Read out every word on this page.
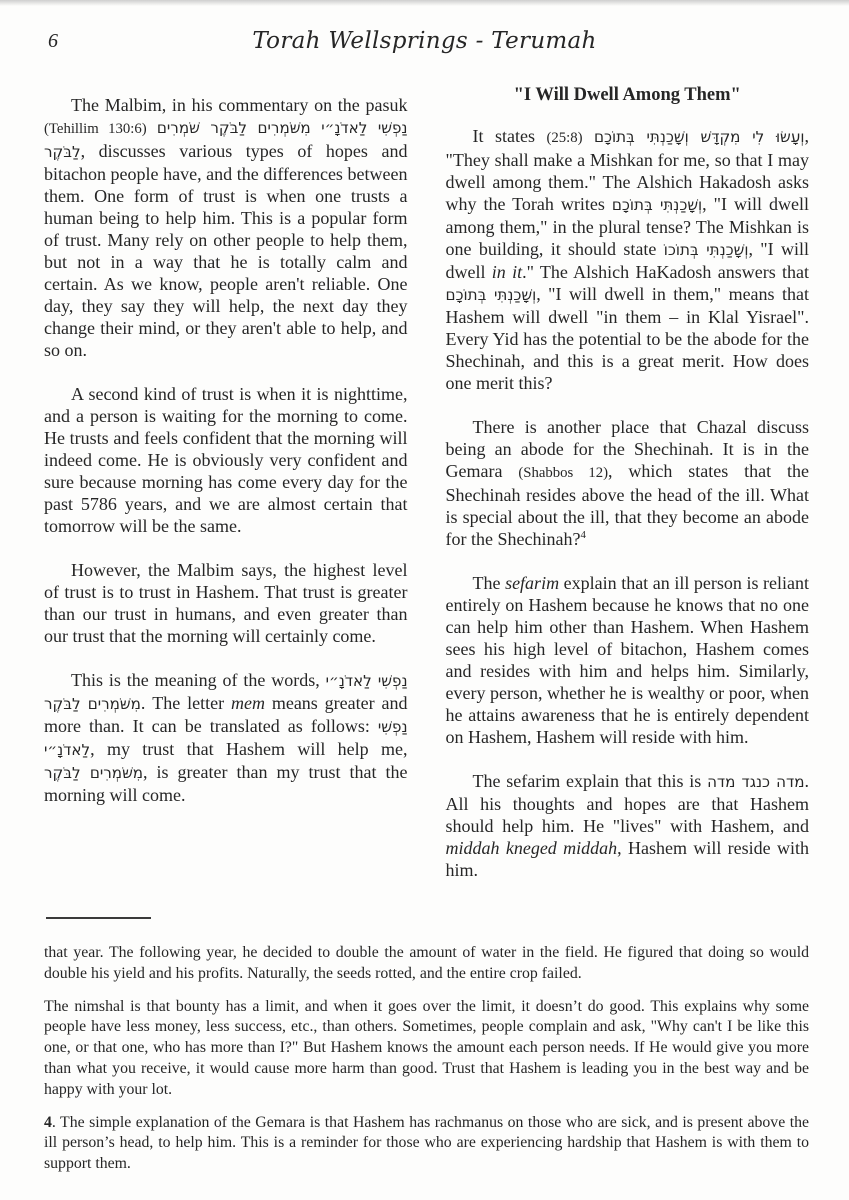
6	Torah Wellsprings - Terumah

The Malbim, in his commentary on the pasuk (Tehillim 130:6) נַפְשִׁי לַאדֹנָ״י מִשֹּׁמְרִים לַבֹּקֶר שֹׁמְרִים לַבֹּקֶר, discusses various types of hopes and bitachon people have, and the differences between them. One form of trust is when one trusts a human being to help him. This is a popular form of trust. Many rely on other people to help them, but not in a way that he is totally calm and certain. As we know, people aren't reliable. One day, they say they will help, the next day they change their mind, or they aren't able to help, and so on.

A second kind of trust is when it is nighttime, and a person is waiting for the morning to come. He trusts and feels confident that the morning will indeed come. He is obviously very confident and sure because morning has come every day for the past 5786 years, and we are almost certain that tomorrow will be the same.

However, the Malbim says, the highest level of trust is to trust in Hashem. That trust is greater than our trust in humans, and even greater than our trust that the morning will certainly come.

This is the meaning of the words, נַפְשִׁי לַאדֹנָ״י מִשֹּׁמְרִים לַבֹּקֶר. The letter mem means greater and more than. It can be translated as follows: נַפְשִׁי לַאדֹנָ״י, my trust that Hashem will help me, מִשֹּׁמְרִים לַבֹּקֶר, is greater than my trust that the morning will come.

"I Will Dwell Among Them"

It states (25:8) וְעָשׂוּ לִי מִקְדָּשׁ וְשָׁכַנְתִּי בְּתוֹכָם, "They shall make a Mishkan for me, so that I may dwell among them." The Alshich Hakadosh asks why the Torah writes וְשָׁכַנְתִּי בְּתוֹכָם, "I will dwell among them," in the plural tense? The Mishkan is one building, it should state וְשָׁכַנְתִּי בְּתוֹכוֹ, "I will dwell in it." The Alshich HaKadosh answers that וְשָׁכַנְתִּי בְּתוֹכָם, "I will dwell in them," means that Hashem will dwell "in them – in Klal Yisrael". Every Yid has the potential to be the abode for the Shechinah, and this is a great merit. How does one merit this?

There is another place that Chazal discuss being an abode for the Shechinah. It is in the Gemara (Shabbos 12), which states that the Shechinah resides above the head of the ill. What is special about the ill, that they become an abode for the Shechinah?$^4$

The sefarim explain that an ill person is reliant entirely on Hashem because he knows that no one can help him other than Hashem. When Hashem sees his high level of bitachon, Hashem comes and resides with him and helps him. Similarly, every person, whether he is wealthy or poor, when he attains awareness that he is entirely dependent on Hashem, Hashem will reside with him.

The sefarim explain that this is מדה כנגד מדה. All his thoughts and hopes are that Hashem should help him. He "lives" with Hashem, and middah kneged middah, Hashem will reside with him.

that year. The following year, he decided to double the amount of water in the field. He figured that doing so would double his yield and his profits. Naturally, the seeds rotted, and the entire crop failed.

The nimshal is that bounty has a limit, and when it goes over the limit, it doesn’t do good. This explains why some people have less money, less success, etc., than others. Sometimes, people complain and ask, "Why can't I be like this one, or that one, who has more than I?" But Hashem knows the amount each person needs. If He would give you more than what you receive, it would cause more harm than good. Trust that Hashem is leading you in the best way and be happy with your lot.

4. The simple explanation of the Gemara is that Hashem has rachmanus on those who are sick, and is present above the ill person’s head, to help him. This is a reminder for those who are experiencing hardship that Hashem is with them to support them.
